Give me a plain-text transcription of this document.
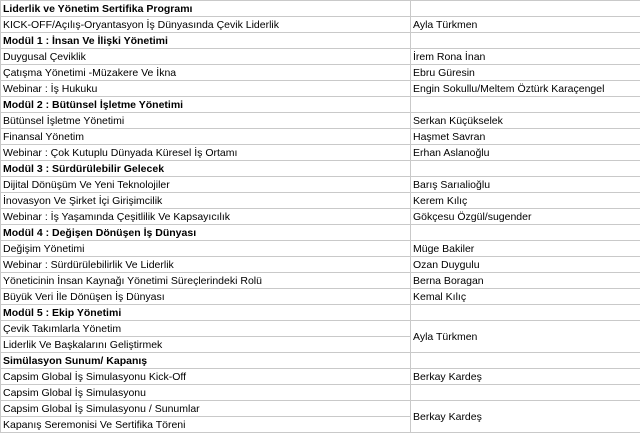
Liderlik ve Yönetim Sertifika Programı	
KICK-OFF/Açılış-Oryantasyon İş Dünyasında Çevik Liderlik	Ayla Türkmen
Modül 1 : İnsan Ve İlişki Yönetimi	
Duygusal Çeviklik	İrem Rona İnan
Çatışma Yönetimi -Müzakere Ve İkna	Ebru Güresin
Webinar : İş Hukuku	Engin Sokullu/Meltem Öztürk Karaçengel
Modül 2 : Bütünsel İşletme Yönetimi	
Bütünsel İşletme Yönetimi	Serkan Küçükselek
Finansal Yönetim	Haşmet Savran
Webinar : Çok Kutuplu Dünyada Küresel İş Ortamı	Erhan Aslanoğlu
Modül 3 : Sürdürülebilir Gelecek	
Dijital Dönüşüm Ve Yeni Teknolojiler	Barış Sarıalioğlu
İnovasyon Ve Şirket İçi Girişimcilik	Kerem Kılıç
Webinar : İş Yaşamında Çeşitlilik Ve Kapsayıcılık	Gökçesu Özgül/sugender
Modül 4 : Değişen Dönüşen İş Dünyası	
Değişim Yönetimi	Müge Bakiler
Webinar : Sürdürülebilirlik Ve Liderlik	Ozan Duygulu
Yöneticinin İnsan Kaynağı Yönetimi Süreçlerindeki Rolü	Berna Boragan
Büyük Veri İle Dönüşen İş Dünyası	Kemal Kılıç
Modül 5 : Ekip Yönetimi	
Çevik Takımlarla Yönetim	Ayla Türkmen
Liderlik Ve Başkalarını Geliştirmek	
Simülasyon Sunum/ Kapanış	
Capsim Global İş Simulasyonu Kick-Off	Berkay Kardeş
Capsim Global İş Simulasyonu	
Capsim Global İş Simulasyonu / Sunumlar	Berkay Kardeş
Kapanış Seremonisi Ve Sertifika Töreni	
